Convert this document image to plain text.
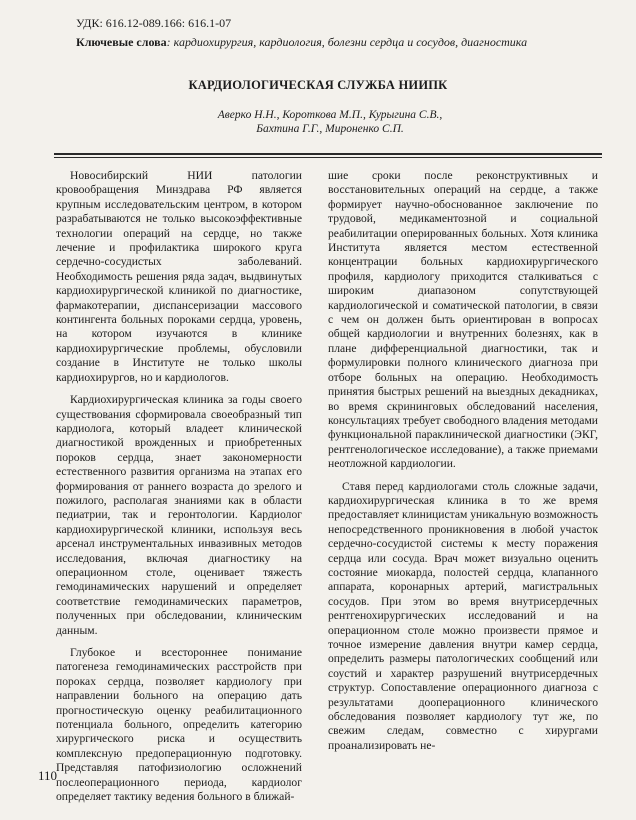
УДК: 616.12-089.166: 616.1-07
Ключевые слова: кардиохирургия, кардиология, болезни сердца и сосудов, диагностика
КАРДИОЛОГИЧЕСКАЯ СЛУЖБА НИИПК
Аверко Н.Н., Короткова М.П., Курыгина С.В.,
Бахтина Г.Г., Мироненко С.П.

Новосибирский НИИ патологии кровообращения Минздрава РФ является крупным исследовательским центром, в котором разрабатываются не только высокоэффективные технологии операций на сердце, но также лечение и профилактика широкого круга сердечно-сосудистых заболеваний. Необходимость решения ряда задач, выдвинутых кардиохирургической клиникой по диагностике, фармакотерапии, диспансеризации массового контингента больных пороками сердца, уровень, на котором изучаются в клинике кардиохирургические проблемы, обусловили создание в Институте не только школы кардиохирургов, но и кардиологов.

Кардиохирургическая клиника за годы своего существования сформировала своеобразный тип кардиолога, который владеет клинической диагностикой врожденных и приобретенных пороков сердца, знает закономерности естественного развития организма на этапах его формирования от раннего возраста до зрелого и пожилого, располагая знаниями как в области педиатрии, так и геронтологии. Кардиолог кардиохирургической клиники, используя весь арсенал инструментальных инвазивных методов исследования, включая диагностику на операционном столе, оценивает тяжесть гемодинамических нарушений и определяет соответствие гемодинамических параметров, полученных при обследовании, клиническим данным.

Глубокое и всестороннее понимание патогенеза гемодинамических расстройств при пороках сердца, позволяет кардиологу при направлении больного на операцию дать прогностическую оценку реабилитационного потенциала больного, определить категорию хирургического риска и осуществить комплексную предоперационную подготовку. Представляя патофизиологию осложнений послеоперационного периода, кардиолог определяет тактику ведения больного в ближай-

шие сроки после реконструктивных и восстановительных операций на сердце, а также формирует научно-обоснованное заключение по трудовой, медикаментозной и социальной реабилитации оперированных больных. Хотя клиника Института является местом естественной концентрации больных кардиохирургического профиля, кардиологу приходится сталкиваться с широким диапазоном сопутствующей кардиологической и соматической патологии, в связи с чем он должен быть ориентирован в вопросах общей кардиологии и внутренних болезнях, как в плане дифференциальной диагностики, так и формулировки полного клинического диагноза при отборе больных на операцию. Необходимость принятия быстрых решений на выездных декадниках, во время скрининговых обследований населения, консультациях требует свободного владения методами функциональной параклинической диагностики (ЭКГ, рентгенологическое исследование), а также приемами неотложной кардиологии.

Ставя перед кардиологами столь сложные задачи, кардиохирургическая клиника в то же время предоставляет клиницистам уникальную возможность непосредственного проникновения в любой участок сердечно-сосудистой системы к месту поражения сердца или сосуда. Врач может визуально оценить состояние миокарда, полостей сердца, клапанного аппарата, коронарных артерий, магистральных сосудов. При этом во время внутрисердечных рентгенохирургических исследований и на операционном столе можно произвести прямое и точное измерение давления внутри камер сердца, определить размеры патологических сообщений или соустий и характер разрушений внутрисердечных структур. Сопоставление операционного диагноза с результатами дооперационного клинического обследования позволяет кардиологу тут же, по свежим следам, совместно с хирургами проанализировать не-

110
